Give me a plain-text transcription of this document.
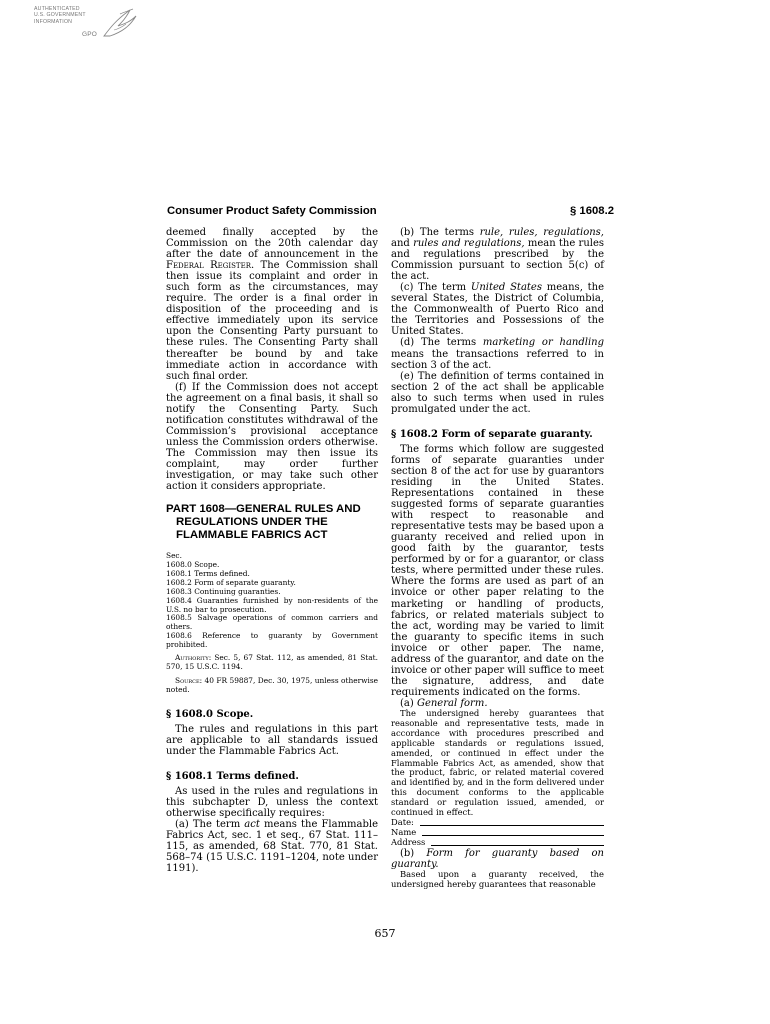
AUTHENTICATED
U.S. GOVERNMENT
INFORMATION
GPO
Consumer Product Safety Commission	§ 1608.2

deemed finally accepted by the Commission on the 20th calendar day after the date of announcement in the Federal Register. The Commission shall then issue its complaint and order in such form as the circumstances, may require. The order is a final order in disposition of the proceeding and is effective immediately upon its service upon the Consenting Party pursuant to these rules. The Consenting Party shall thereafter be bound by and take immediate action in accordance with such final order.

(f) If the Commission does not accept the agreement on a final basis, it shall so notify the Consenting Party. Such notification constitutes withdrawal of the Commission’s provisional acceptance unless the Commission orders otherwise. The Commission may then issue its complaint, may order further investigation, or may take such other action it considers appropriate.

PART 1608—GENERAL RULES AND REGULATIONS UNDER THE FLAMMABLE FABRICS ACT
Sec.
1608.0 Scope.
1608.1 Terms defined.
1608.2 Form of separate guaranty.
1608.3 Continuing guaranties.
1608.4 Guaranties furnished by non-residents of the U.S. no bar to prosecution.
1608.5 Salvage operations of common carriers and others.
1608.6 Reference to guaranty by Government prohibited.

Authority: Sec. 5, 67 Stat. 112, as amended, 81 Stat. 570, 15 U.S.C. 1194.

Source: 40 FR 59887, Dec. 30, 1975, unless otherwise noted.

§ 1608.0 Scope.

The rules and regulations in this part are applicable to all standards issued under the Flammable Fabrics Act.

§ 1608.1 Terms defined.

As used in the rules and regulations in this subchapter D, unless the context otherwise specifically requires:

(a) The term act means the Flammable Fabrics Act, sec. 1 et seq., 67 Stat. 111–115, as amended, 68 Stat. 770, 81 Stat. 568–74 (15 U.S.C. 1191–1204, note under 1191).

(b) The terms rule, rules, regulations, and rules and regulations, mean the rules and regulations prescribed by the Commission pursuant to section 5(c) of the act.

(c) The term United States means, the several States, the District of Columbia, the Commonwealth of Puerto Rico and the Territories and Possessions of the United States.

(d) The terms marketing or handling means the transactions referred to in section 3 of the act.

(e) The definition of terms contained in section 2 of the act shall be applicable also to such terms when used in rules promulgated under the act.

§ 1608.2 Form of separate guaranty.

The forms which follow are suggested forms of separate guaranties under section 8 of the act for use by guarantors residing in the United States. Representations contained in these suggested forms of separate guaranties with respect to reasonable and representative tests may be based upon a guaranty received and relied upon in good faith by the guarantor, tests performed by or for a guarantor, or class tests, where permitted under these rules. Where the forms are used as part of an invoice or other paper relating to the marketing or handling of products, fabrics, or related materials subject to the act, wording may be varied to limit the guaranty to specific items in such invoice or other paper. The name, address of the guarantor, and date on the invoice or other paper will suffice to meet the signature, address, and date requirements indicated on the forms.

(a) General form.

The undersigned hereby guarantees that reasonable and representative tests, made in accordance with procedures prescribed and applicable standards or regulations issued, amended, or continued in effect under the Flammable Fabrics Act, as amended, show that the product, fabric, or related material covered and identified by, and in the form delivered under this document conforms to the applicable standard or regulation issued, amended, or continued in effect.

Date:
Name
Address

(b) Form for guaranty based on guaranty.

Based upon a guaranty received, the undersigned hereby guarantees that reasonable

657
